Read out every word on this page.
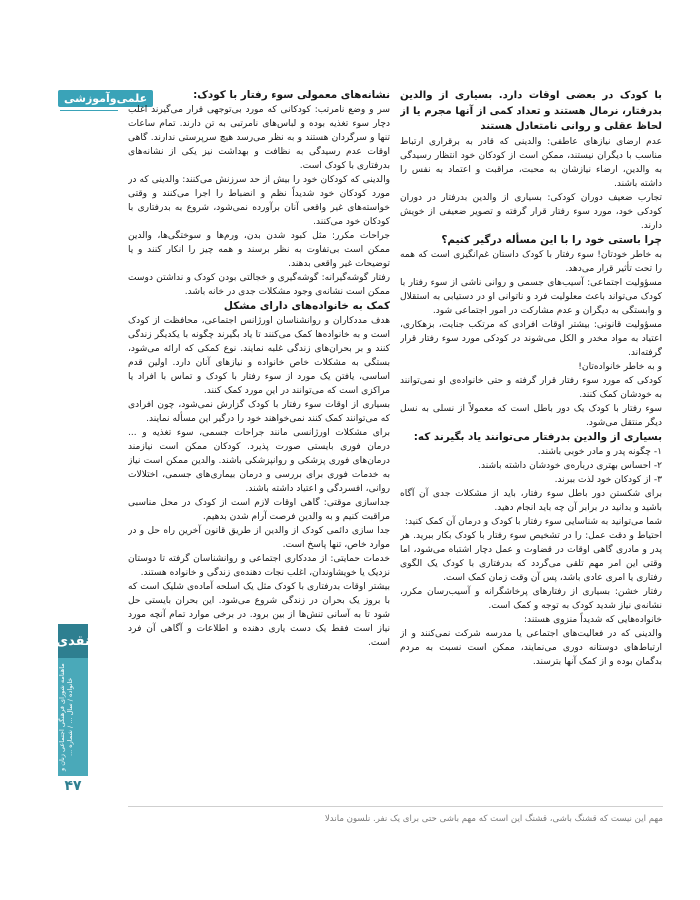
علمی‌وآموزشی
نقدی
ماهنامه شورای فرهنگی اجتماعی زنان و خانواده / سال ... / شماره ...
۴۷

با کودک در بعضی اوقات دارد. بسیاری از والدین بدرفتار، نرمال هستند و تعداد کمی از آنها مجرم یا از لحاظ عقلی و روانی نامتعادل هستند

عدم ارضای نیازهای عاطفی: والدینی که قادر به برقراری ارتباط مناسب با دیگران نیستند، ممکن است از کودکان خود انتظار رسیدگی به والدین، ارضاء نیازشان به محبت، مراقبت و اعتماد به نفس را داشته باشند.

تجارب ضعیف دوران کودکی: بسیاری از والدین بدرفتار در دوران کودکی خود، مورد سوء رفتار قرار گرفته و تصویر ضعیفی از خویش دارند.

چرا باستی خود را با این مسأله درگیر کنیم؟

به خاطر خودتان! سوء رفتار با کودک داستان غم‌انگیزی است که همه را تحت تأثیر قرار می‌دهد.

مسؤولیت اجتماعی: آسیب‌های جسمی و روانی ناشی از سوء رفتار با کودک می‌تواند باعث معلولیت فرد و ناتوانی او در دستیابی به استقلال و وابستگی به دیگران و عدم مشارکت در امور اجتماعی شود.

مسؤولیت قانونی: بیشتر اوقات افرادی که مرتکب جنایت، بزهکاری، اعتیاد به مواد مخدر و الکل می‌شوند در کودکی مورد سوء رفتار قرار گرفته‌اند.

و به خاطر خانواده‌تان!

کودکی که مورد سوء رفتار قرار گرفته و حتی خانواده‌ی او نمی‌توانند به خودشان کمک کنند.

سوء رفتار با کودک یک دور باطل است که معمولاً از نسلی به نسل دیگر منتقل می‌شود.

بسیاری از والدین بدرفتار می‌توانند یاد بگیرند که:

۱- چگونه پدر و مادر خوبی باشند.

۲- احساس بهتری درباره‌ی خودشان داشته باشند.

۳- از کودکان خود لذت ببرند.

برای شکستن دور باطل سوء رفتار، باید از مشکلات جدی آن آگاه باشید و بدانید در برابر آن چه باید انجام دهید.

شما می‌توانید به شناسایی سوء رفتار با کودک و درمان آن کمک کنید:

احتیاط و دقت عمل: را در تشخیص سوء رفتار با کودک بکار ببرید. هر پدر و مادری گاهی اوقات در قضاوت و عمل دچار اشتباه می‌شود، اما وقتی این امر مهم تلقی می‌گردد که بدرفتاری با کودک یک الگوی رفتاری یا امری عادی باشد، پس آن وقت زمان کمک است.

رفتار خشن: بسیاری از رفتارهای پرخاشگرانه و آسیب‌رسان مکرر، نشانه‌ی نیاز شدید کودک به توجه و کمک است.

خانواده‌هایی که شدیداً منزوی هستند:

والدینی که در فعالیت‌های اجتماعی یا مدرسه شرکت نمی‌کنند و از ارتباط‌های دوستانه دوری می‌نمایند، ممکن است نسبت به مردم بدگمان بوده و از کمک آنها بترسند.

نشانه‌های معمولی سوء رفتار با کودک:

سر و وضع نامرتب: کودکانی که مورد بی‌توجهی قرار می‌گیرند اغلب دچار سوء تغذیه بوده و لباس‌های نامرتبی به تن دارند. تمام ساعات تنها و سرگردان هستند و به نظر می‌رسد هیچ سرپرستی ندارند. گاهی اوقات عدم رسیدگی به نظافت و بهداشت نیز یکی از نشانه‌های بدرفتاری با کودک است.

والدینی که کودکان خود را بیش از حد سرزنش می‌کنند: والدینی که در مورد کودکان خود شدیداً نظم و انضباط را اجرا می‌کنند و وقتی خواسته‌های غیر واقعی آنان برآورده نمی‌شود، شروع به بدرفتاری با کودکان خود می‌کنند.

جراحات مکرر: مثل کبود شدن بدن، ورم‌ها و سوختگی‌ها، والدین ممکن است بی‌تفاوت به نظر برسند و همه چیز را انکار کنند و یا توضیحات غیر واقعی بدهند.

رفتار گوشه‌گیرانه: گوشه‌گیری و خجالتی بودن کودک و نداشتن دوست ممکن است نشانه‌ی وجود مشکلات جدی در خانه باشد.

کمک به خانواده‌های دارای مشکل

هدف مددکاران و روانشناسان اورژانس اجتماعی، محافظت از کودک است و به خانواده‌ها کمک می‌کنند تا یاد بگیرند چگونه با یکدیگر زندگی کنند و بر بحران‌های زندگی غلبه نمایند. نوع کمکی که ارائه می‌شود، بستگی به مشکلات خاص خانواده و نیازهای آنان دارد. اولین قدم اساسی، یافتن یک مورد از سوء رفتار با کودک و تماس با افراد یا مراکزی است که می‌توانند در این مورد کمک کنند.

بسیاری از اوقات سوء رفتار با کودک گزارش نمی‌شود، چون افرادی که می‌توانند کمک کنند نمی‌خواهند خود را درگیر این مسأله نمایند.

برای مشکلات اورژانسی مانند جراحات جسمی، سوء تغذیه و ... درمان فوری بایستی صورت پذیرد. کودکان ممکن است نیازمند درمان‌های فوری پزشکی و روانپزشکی باشند. والدین ممکن است نیاز به خدمات فوری برای بررسی و درمان بیماری‌های جسمی، اختلالات روانی، افسردگی و اعتیاد داشته باشند.

جداسازی موقتی: گاهی اوقات لازم است از کودک در محل مناسبی مراقبت کنیم و به والدین فرصت آرام شدن بدهیم.

جدا سازی دائمی کودک از والدین از طریق قانون آخرین راه حل و در موارد خاص، تنها پاسخ است.

خدمات حمایتی: از مددکاری اجتماعی و روانشناسان گرفته تا دوستان نزدیک یا خویشاوندان، اغلب نجات دهنده‌ی زندگی و خانواده هستند.

بیشتر اوقات بدرفتاری با کودک مثل یک اسلحه آماده‌ی شلیک است که با بروز یک بحران در زندگی شروع می‌شود. این بحران بایستی حل شود تا به آسانی تنش‌ها از بین برود. در برخی موارد تمام آنچه مورد نیاز است فقط یک دست یاری دهنده و اطلاعات و آگاهی آن فرد است.

مهم این نیست که قشنگ باشی، قشنگ این است که مهم باشی حتی برای یک نفر. نلسون ماندلا
